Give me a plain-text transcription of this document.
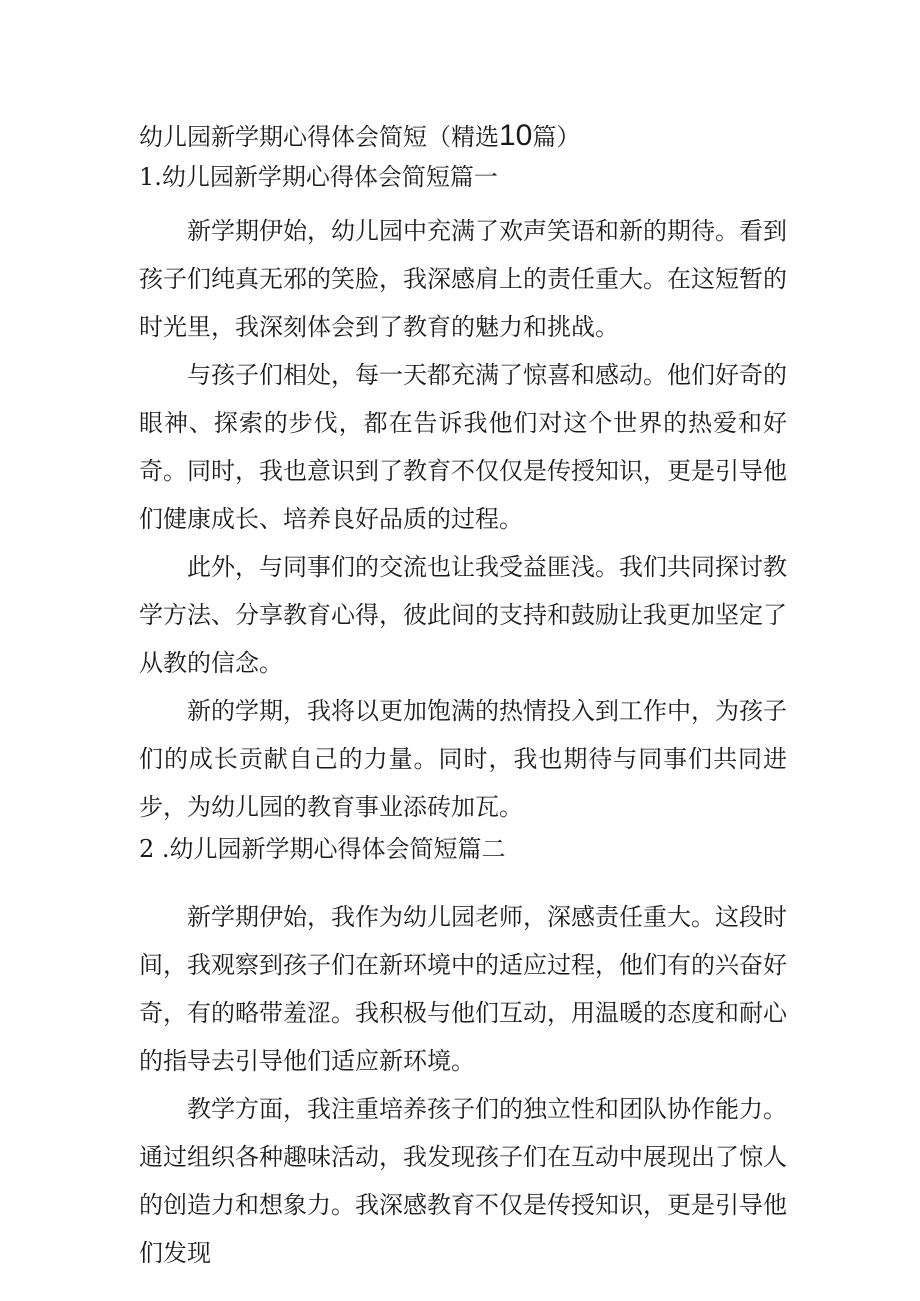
幼儿园新学期心得体会简短（精选10篇）
1.幼儿园新学期心得体会简短篇一

新学期伊始，幼儿园中充满了欢声笑语和新的期待。看到孩子们纯真无邪的笑脸，我深感肩上的责任重大。在这短暂的时光里，我深刻体会到了教育的魅力和挑战。

与孩子们相处，每一天都充满了惊喜和感动。他们好奇的眼神、探索的步伐，都在告诉我他们对这个世界的热爱和好奇。同时，我也意识到了教育不仅仅是传授知识，更是引导他们健康成长、培养良好品质的过程。

此外，与同事们的交流也让我受益匪浅。我们共同探讨教学方法、分享教育心得，彼此间的支持和鼓励让我更加坚定了从教的信念。

新的学期，我将以更加饱满的热情投入到工作中，为孩子们的成长贡献自己的力量。同时，我也期待与同事们共同进步，为幼儿园的教育事业添砖加瓦。

2 .幼儿园新学期心得体会简短篇二

新学期伊始，我作为幼儿园老师，深感责任重大。这段时间，我观察到孩子们在新环境中的适应过程，他们有的兴奋好奇，有的略带羞涩。我积极与他们互动，用温暖的态度和耐心的指导去引导他们适应新环境。

教学方面，我注重培养孩子们的独立性和团队协作能力。通过组织各种趣味活动，我发现孩子们在互动中展现出了惊人的创造力和想象力。我深感教育不仅是传授知识，更是引导他们发现
